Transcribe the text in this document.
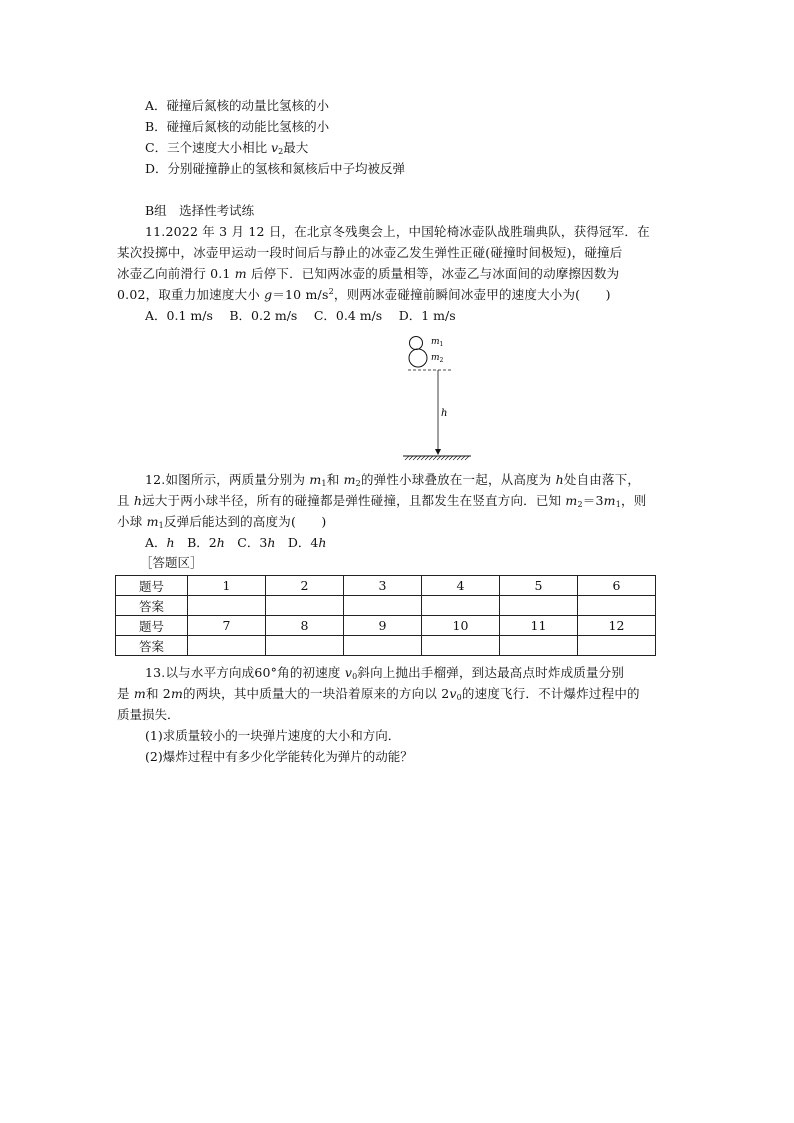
A．碰撞后氮核的动量比氢核的小
B．碰撞后氮核的动能比氢核的小
C．三个速度大小相比 $v_2$最大
D．分别碰撞静止的氢核和氮核后中子均被反弹
B组　选择性考试练
11.2022 年 3 月 12 日，在北京冬残奥会上，中国轮椅冰壶队战胜瑞典队，获得冠军．在
某次投掷中，冰壶甲运动一段时间后与静止的冰壶乙发生弹性正碰(碰撞时间极短)，碰撞后
冰壶乙向前滑行 0.1 m 后停下．已知两冰壶的质量相等，冰壶乙与冰面间的动摩擦因数为
0.02，取重力加速度大小 g＝10 $m/s^2$，则两冰壶碰撞前瞬间冰壶甲的速度大小为(　　)
A．0.1 m/s　 B．0.2 m/s　 C．0.4 m/s　 D．1 m/s
$m_1$
$m_2$
h
12.如图所示，两质量分别为 $m_1$和 $m_2$的弹性小球叠放在一起，从高度为 h处自由落下，
且 h远大于两小球半径，所有的碰撞都是弹性碰撞，且都发生在竖直方向．已知 $m_2=3m_1$，则
小球 $m_1$反弹后能达到的高度为(　　)
A．h　B．2h　C．3h　D．4h
［答题区］
题号	1	2	3	4	5	6
答案						
题号	7	8	9	10	11	12
答案						
13.以与水平方向成60°角的初速度 $v_0$斜向上抛出手榴弹，到达最高点时炸成质量分别
是 m和 2m的两块，其中质量大的一块沿着原来的方向以 $2v_0$的速度飞行．不计爆炸过程中的
质量损失．
(1)求质量较小的一块弹片速度的大小和方向．
(2)爆炸过程中有多少化学能转化为弹片的动能？
